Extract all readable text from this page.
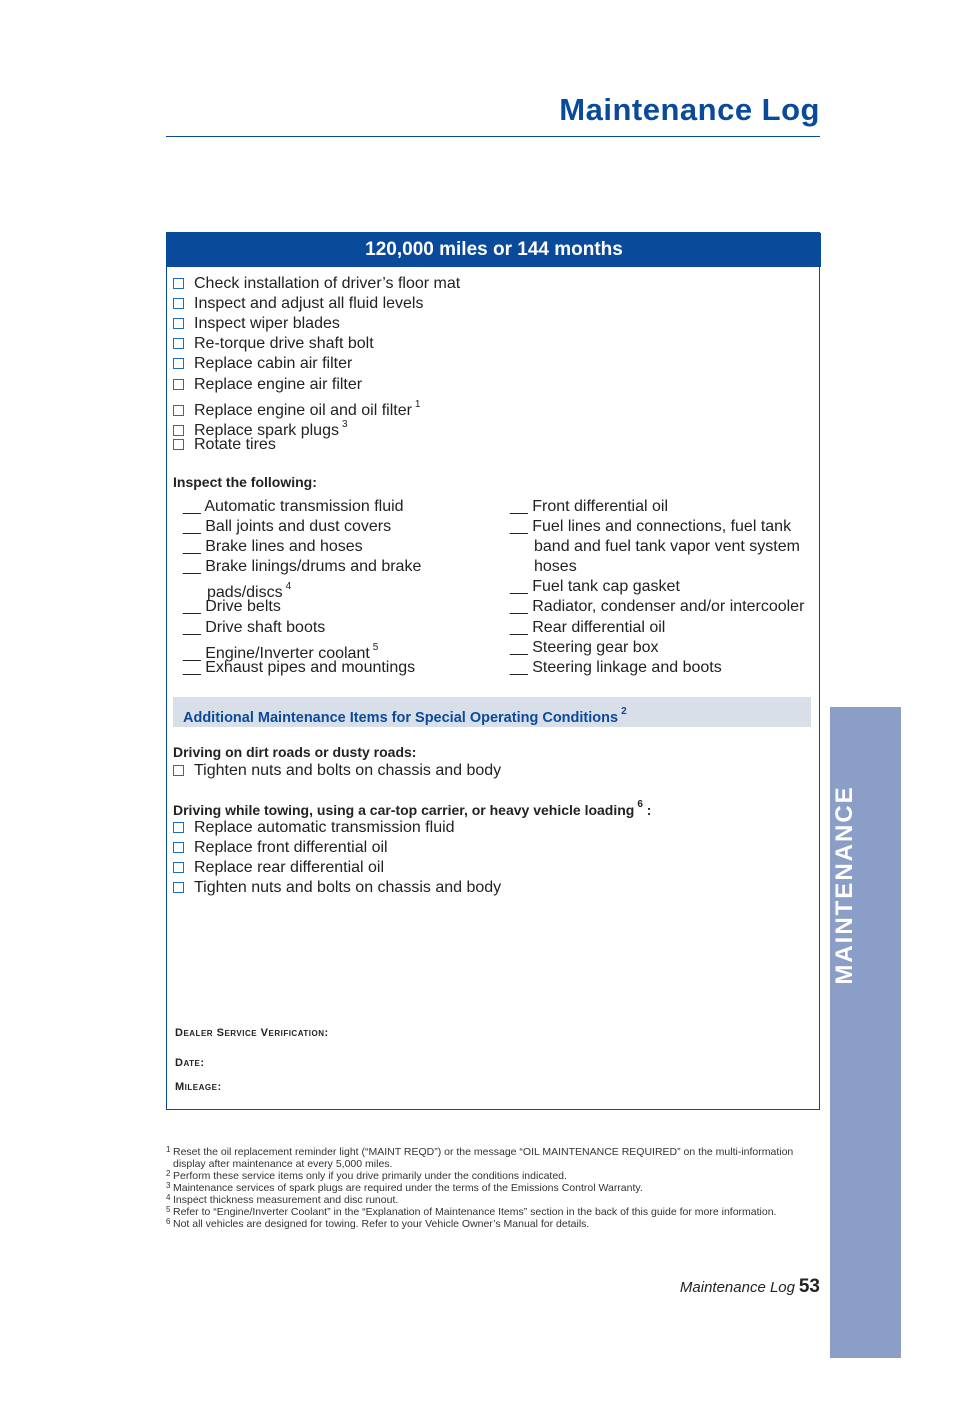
Maintenance Log
MAINTENANCE
120,000 miles or 144 months
Check installation of driver’s floor mat
Inspect and adjust all fluid levels
Inspect wiper blades
Re-torque drive shaft bolt
Replace cabin air filter
Replace engine air filter
Replace engine oil and oil filter $^1$
Replace spark plugs $^3$
Rotate tires
Inspect the following:
__ Automatic transmission fluid
__ Ball joints and dust covers
__ Brake lines and hoses
__ Brake linings/drums and brake
pads/discs $^4$
__ Drive belts
__ Drive shaft boots
__ Engine/Inverter coolant $^5$
__ Exhaust pipes and mountings
__ Front differential oil
__ Fuel lines and connections, fuel tank
band and fuel tank vapor vent system
hoses
__ Fuel tank cap gasket
__ Radiator, condenser and/or intercooler
__ Rear differential oil
__ Steering gear box
__ Steering linkage and boots
Additional Maintenance Items for Special Operating Conditions $^2$
Driving on dirt roads or dusty roads:
Tighten nuts and bolts on chassis and body
Driving while towing, using a car-top carrier, or heavy vehicle loading $^6$ :
Replace automatic transmission fluid
Replace front differential oil
Replace rear differential oil
Tighten nuts and bolts on chassis and body
Dealer Service Verification:
Date:
Mileage:
1 Reset the oil replacement reminder light (“MAINT REQD”) or the message “OIL MAINTENANCE REQUIRED” on the multi-information display after maintenance at every 5,000 miles.
2 Perform these service items only if you drive primarily under the conditions indicated.
3 Maintenance services of spark plugs are required under the terms of the Emissions Control Warranty.
4 Inspect thickness measurement and disc runout.
5 Refer to “Engine/Inverter Coolant” in the “Explanation of Maintenance Items” section in the back of this guide for more information.
6 Not all vehicles are designed for towing. Refer to your Vehicle Owner’s Manual for details.
Maintenance Log 53
